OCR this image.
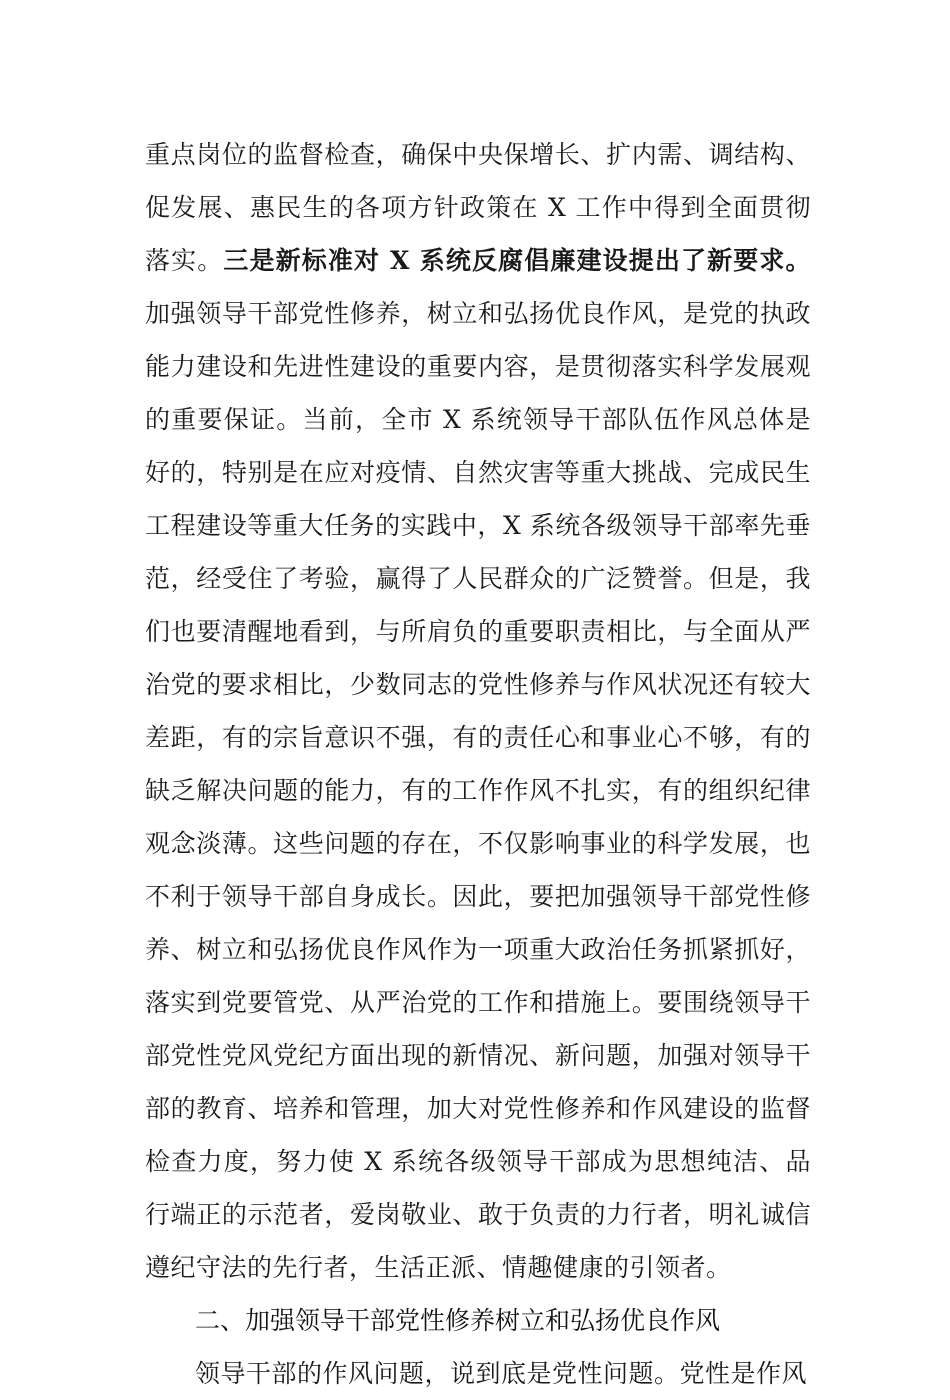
重点岗位的监督检查，确保中央保增长、扩内需、调结构、
促发展、惠民生的各项方针政策在 X 工作中得到全面贯彻
落实。三是新标准对 X 系统反腐倡廉建设提出了新要求。
加强领导干部党性修养，树立和弘扬优良作风，是党的执政
能力建设和先进性建设的重要内容，是贯彻落实科学发展观
的重要保证。当前，全市 X 系统领导干部队伍作风总体是
好的，特别是在应对疫情、自然灾害等重大挑战、完成民生
工程建设等重大任务的实践中，X 系统各级领导干部率先垂
范，经受住了考验，赢得了人民群众的广泛赞誉。但是，我
们也要清醒地看到，与所肩负的重要职责相比，与全面从严
治党的要求相比，少数同志的党性修养与作风状况还有较大
差距，有的宗旨意识不强，有的责任心和事业心不够，有的
缺乏解决问题的能力，有的工作作风不扎实，有的组织纪律
观念淡薄。这些问题的存在，不仅影响事业的科学发展，也
不利于领导干部自身成长。因此，要把加强领导干部党性修
养、树立和弘扬优良作风作为一项重大政治任务抓紧抓好，
落实到党要管党、从严治党的工作和措施上。要围绕领导干
部党性党风党纪方面出现的新情况、新问题，加强对领导干
部的教育、培养和管理，加大对党性修养和作风建设的监督
检查力度，努力使 X 系统各级领导干部成为思想纯洁、品
行端正的示范者，爱岗敬业、敢于负责的力行者，明礼诚信
遵纪守法的先行者，生活正派、情趣健康的引领者。
二、加强领导干部党性修养树立和弘扬优良作风
领导干部的作风问题，说到底是党性问题。党性是作风
